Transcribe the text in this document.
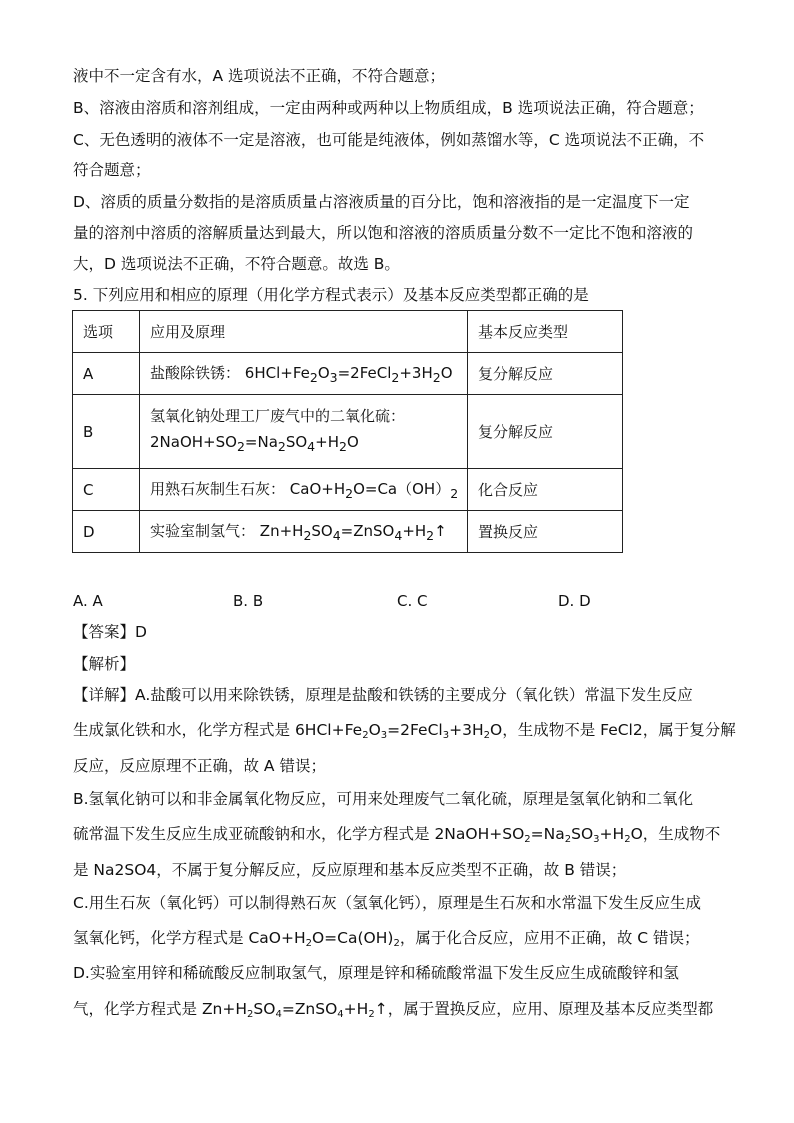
液中不一定含有水，A 选项说法不正确，不符合题意；
B、溶液由溶质和溶剂组成，一定由两种或两种以上物质组成，B 选项说法正确，符合题意；
C、无色透明的液体不一定是溶液，也可能是纯液体，例如蒸馏水等，C 选项说法不正确，不
符合题意；
D、溶质的质量分数指的是溶质质量占溶液质量的百分比，饱和溶液指的是一定温度下一定
量的溶剂中溶质的溶解质量达到最大，所以饱和溶液的溶质质量分数不一定比不饱和溶液的
大，D 选项说法不正确，不符合题意。故选 B。
5. 下列应用和相应的原理（用化学方程式表示）及基本反应类型都正确的是
选项	应用及原理	基本反应类型
A	盐酸除铁锈： $6HCl+Fe_2O_3=2FeCl_2+3H_2O$	复分解反应
B	氢氧化钠处理工厂废气中的二氧化硫：
$2NaOH+SO_2=Na_2SO_4+H_2O$	复分解反应
C	用熟石灰制生石灰： $CaO+H_2O=Ca(OH)_2$	化合反应
D	实验室制氢气： $Zn+H_2SO_4=ZnSO_4+H_2↑$	置换反应
A. A	B. B	C. C	D. D
【答案】D
【解析】
【详解】A.盐酸可以用来除铁锈，原理是盐酸和铁锈的主要成分（氧化铁）常温下发生反应
生成氯化铁和水，化学方程式是 $6HCl+Fe_2O_3=2FeCl_3+3H_2O$，生成物不是 FeCl2，属于复分解
反应，反应原理不正确，故 A 错误；
B.氢氧化钠可以和非金属氧化物反应，可用来处理废气二氧化硫，原理是氢氧化钠和二氧化
硫常温下发生反应生成亚硫酸钠和水，化学方程式是 $2NaOH+SO_2=Na_2SO_3+H_2O$，生成物不
是 Na2SO4，不属于复分解反应，反应原理和基本反应类型不正确，故 B 错误；
C.用生石灰（氧化钙）可以制得熟石灰（氢氧化钙），原理是生石灰和水常温下发生反应生成
氢氧化钙，化学方程式是 $CaO+H_2O=Ca(OH)_2$，属于化合反应，应用不正确，故 C 错误；
D.实验室用锌和稀硫酸反应制取氢气，原理是锌和稀硫酸常温下发生反应生成硫酸锌和氢
气，化学方程式是 $Zn+H_2SO_4=ZnSO_4+H_2↑$，属于置换反应，应用、原理及基本反应类型都
